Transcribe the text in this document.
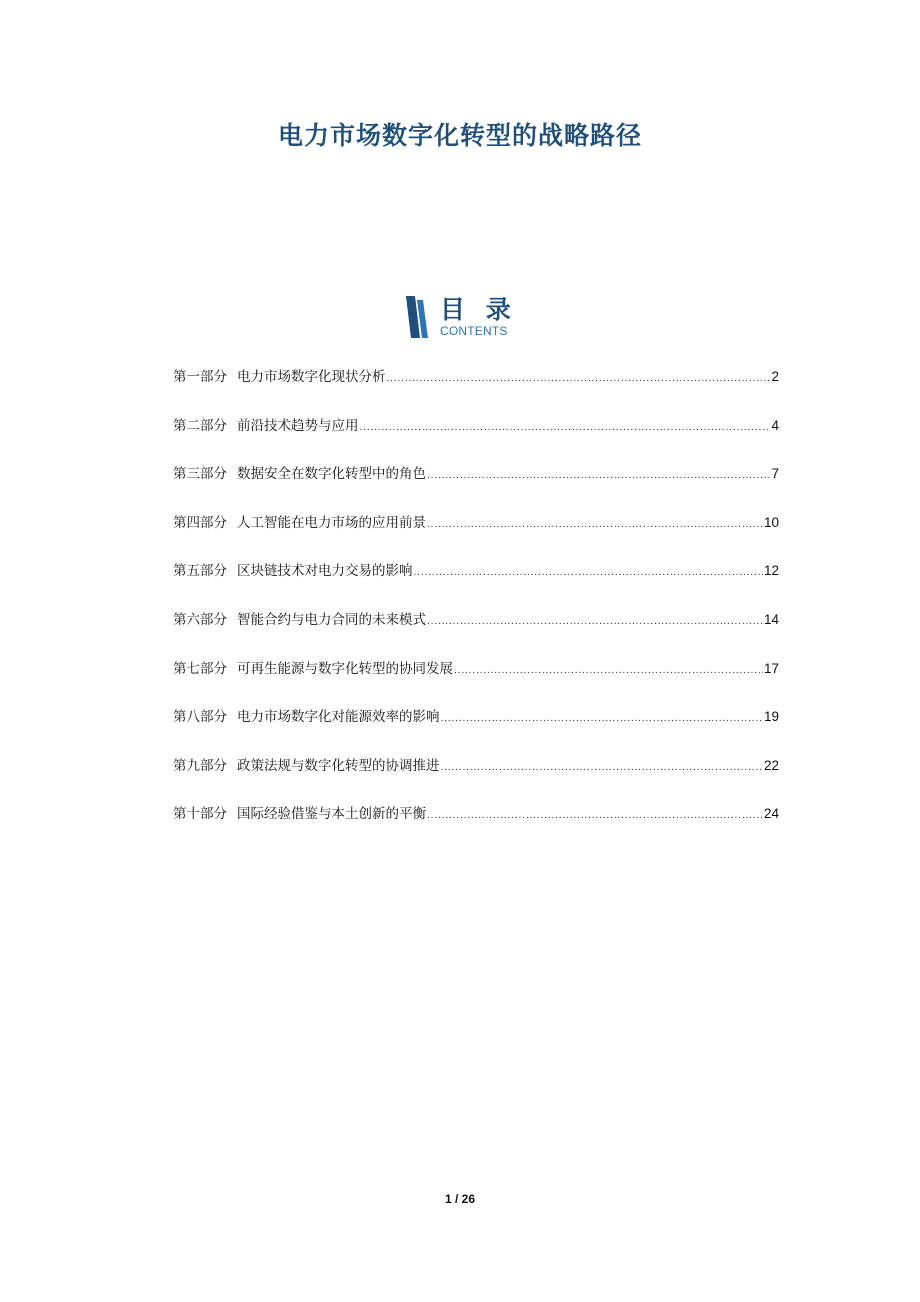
电力市场数字化转型的战略路径
目 录
CONTENTS
第一部分 电力市场数字化现状分析 .....	2
第二部分 前沿技术趋势与应用 .....	4
第三部分 数据安全在数字化转型中的角色 .....	7
第四部分 人工智能在电力市场的应用前景 .....	10
第五部分 区块链技术对电力交易的影响 .....	12
第六部分 智能合约与电力合同的未来模式 .....	14
第七部分 可再生能源与数字化转型的协同发展 .....	17
第八部分 电力市场数字化对能源效率的影响 .....	19
第九部分 政策法规与数字化转型的协调推进 .....	22
第十部分 国际经验借鉴与本土创新的平衡 .....	24
1 / 26
